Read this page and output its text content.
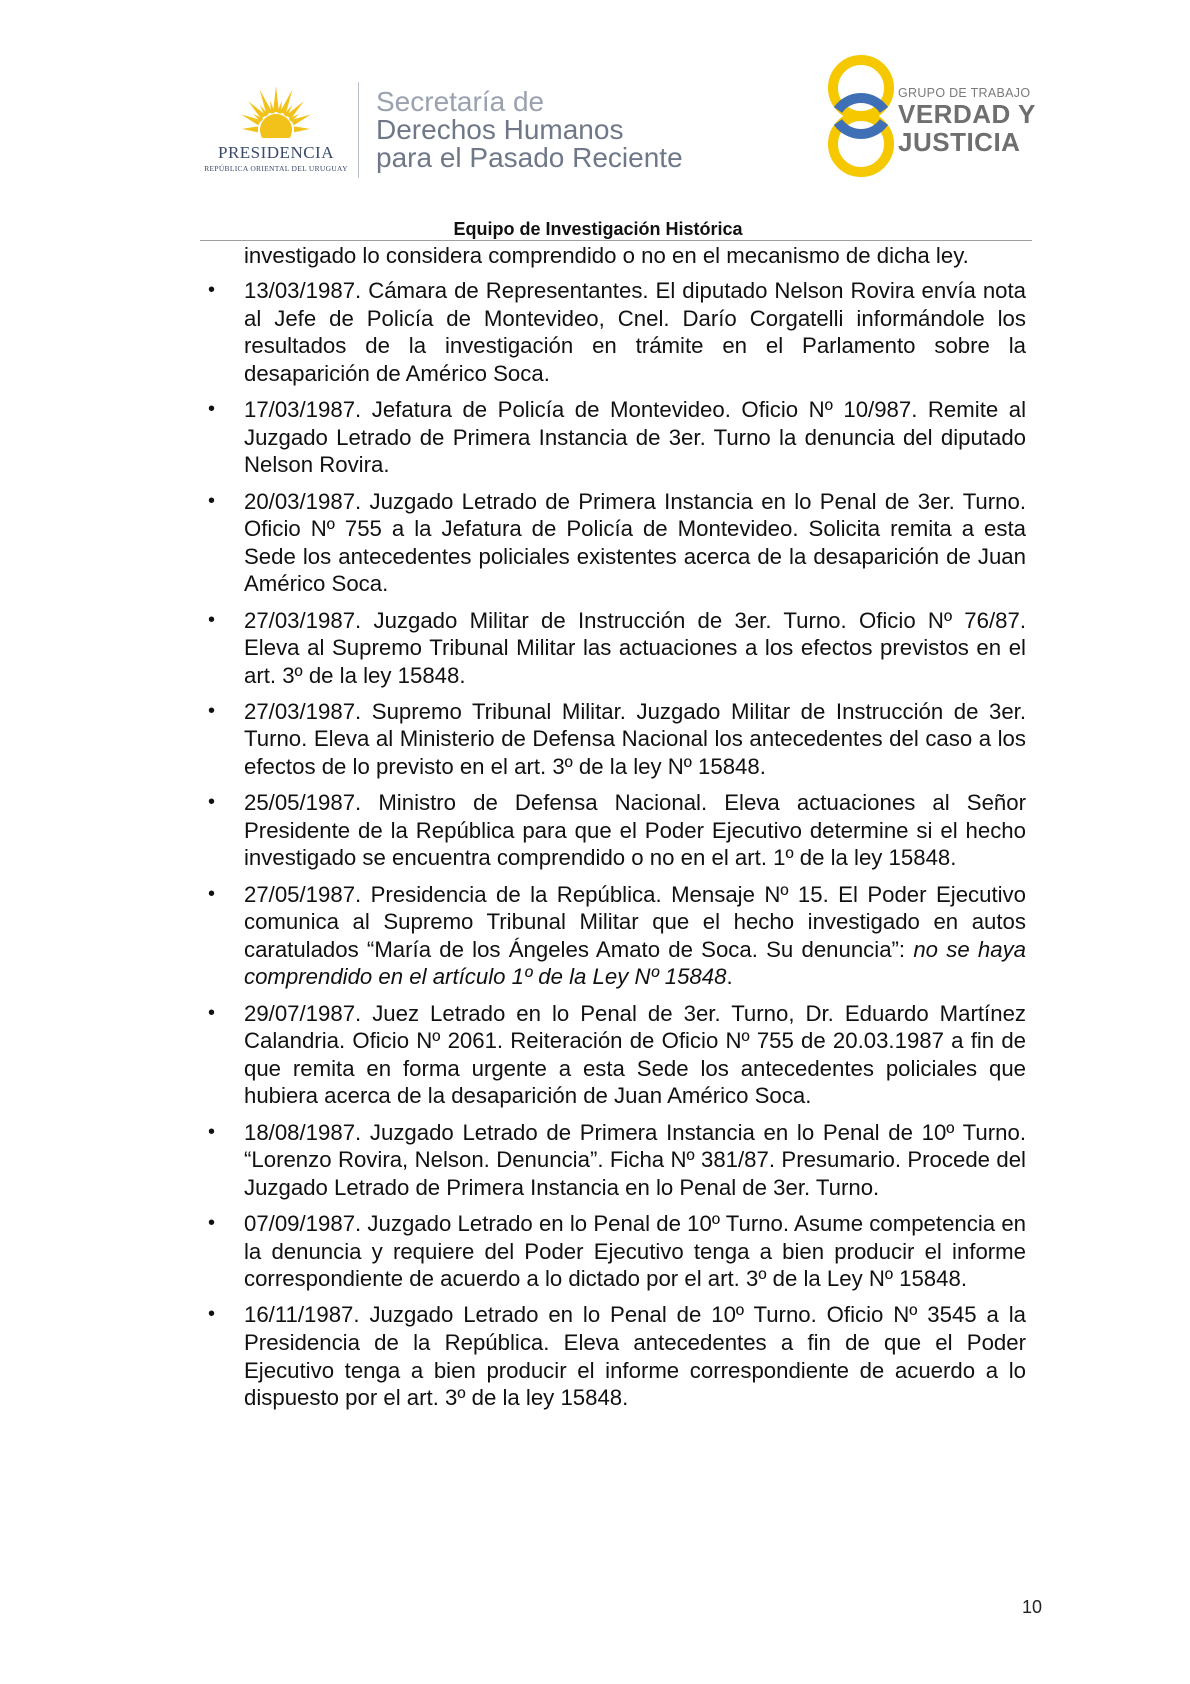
PRESIDENCIA
REPÚBLICA ORIENTAL DEL URUGUAY
Secretaría de
Derechos Humanos
para el Pasado Reciente
GRUPO DE TRABAJO
VERDAD Y
JUSTICIA
Equipo de Investigación Histórica

investigado lo considera comprendido o no en el mecanismo de dicha ley.

• 13/03/1987. Cámara de Representantes. El diputado Nelson Rovira envía nota al Jefe de Policía de Montevideo, Cnel. Darío Corgatelli informándole los resultados de la investigación en trámite en el Parlamento sobre la desaparición de Américo Soca.
• 17/03/1987. Jefatura de Policía de Montevideo. Oficio Nº 10/987. Remite al Juzgado Letrado de Primera Instancia de 3er. Turno la denuncia del diputado Nelson Rovira.
• 20/03/1987. Juzgado Letrado de Primera Instancia en lo Penal de 3er. Turno. Oficio Nº 755 a la Jefatura de Policía de Montevideo. Solicita remita a esta Sede los antecedentes policiales existentes acerca de la desaparición de Juan Américo Soca.
• 27/03/1987. Juzgado Militar de Instrucción de 3er. Turno. Oficio Nº 76/87. Eleva al Supremo Tribunal Militar las actuaciones a los efectos previstos en el art. 3º de la ley 15848.
• 27/03/1987. Supremo Tribunal Militar. Juzgado Militar de Instrucción de 3er. Turno. Eleva al Ministerio de Defensa Nacional los antecedentes del caso a los efectos de lo previsto en el art. 3º de la ley Nº 15848.
• 25/05/1987. Ministro de Defensa Nacional. Eleva actuaciones al Señor Presidente de la República para que el Poder Ejecutivo determine si el hecho investigado se encuentra comprendido o no en el art. 1º de la ley 15848.
• 27/05/1987. Presidencia de la República. Mensaje Nº 15. El Poder Ejecutivo comunica al Supremo Tribunal Militar que el hecho investigado en autos caratulados “María de los Ángeles Amato de Soca. Su denuncia”: no se haya comprendido en el artículo 1º de la Ley Nº 15848.
• 29/07/1987. Juez Letrado en lo Penal de 3er. Turno, Dr. Eduardo Martínez Calandria. Oficio Nº 2061. Reiteración de Oficio Nº 755 de 20.03.1987 a fin de que remita en forma urgente a esta Sede los antecedentes policiales que hubiera acerca de la desaparición de Juan Américo Soca.
• 18/08/1987. Juzgado Letrado de Primera Instancia en lo Penal de 10º Turno. “Lorenzo Rovira, Nelson. Denuncia”. Ficha Nº 381/87. Presumario. Procede del Juzgado Letrado de Primera Instancia en lo Penal de 3er. Turno.
• 07/09/1987. Juzgado Letrado en lo Penal de 10º Turno. Asume competencia en la denuncia y requiere del Poder Ejecutivo tenga a bien producir el informe correspondiente de acuerdo a lo dictado por el art. 3º de la Ley Nº 15848.
• 16/11/1987. Juzgado Letrado en lo Penal de 10º Turno. Oficio Nº 3545 a la Presidencia de la República. Eleva antecedentes a fin de que el Poder Ejecutivo tenga a bien producir el informe correspondiente de acuerdo a lo dispuesto por el art. 3º de la ley 15848.
10
